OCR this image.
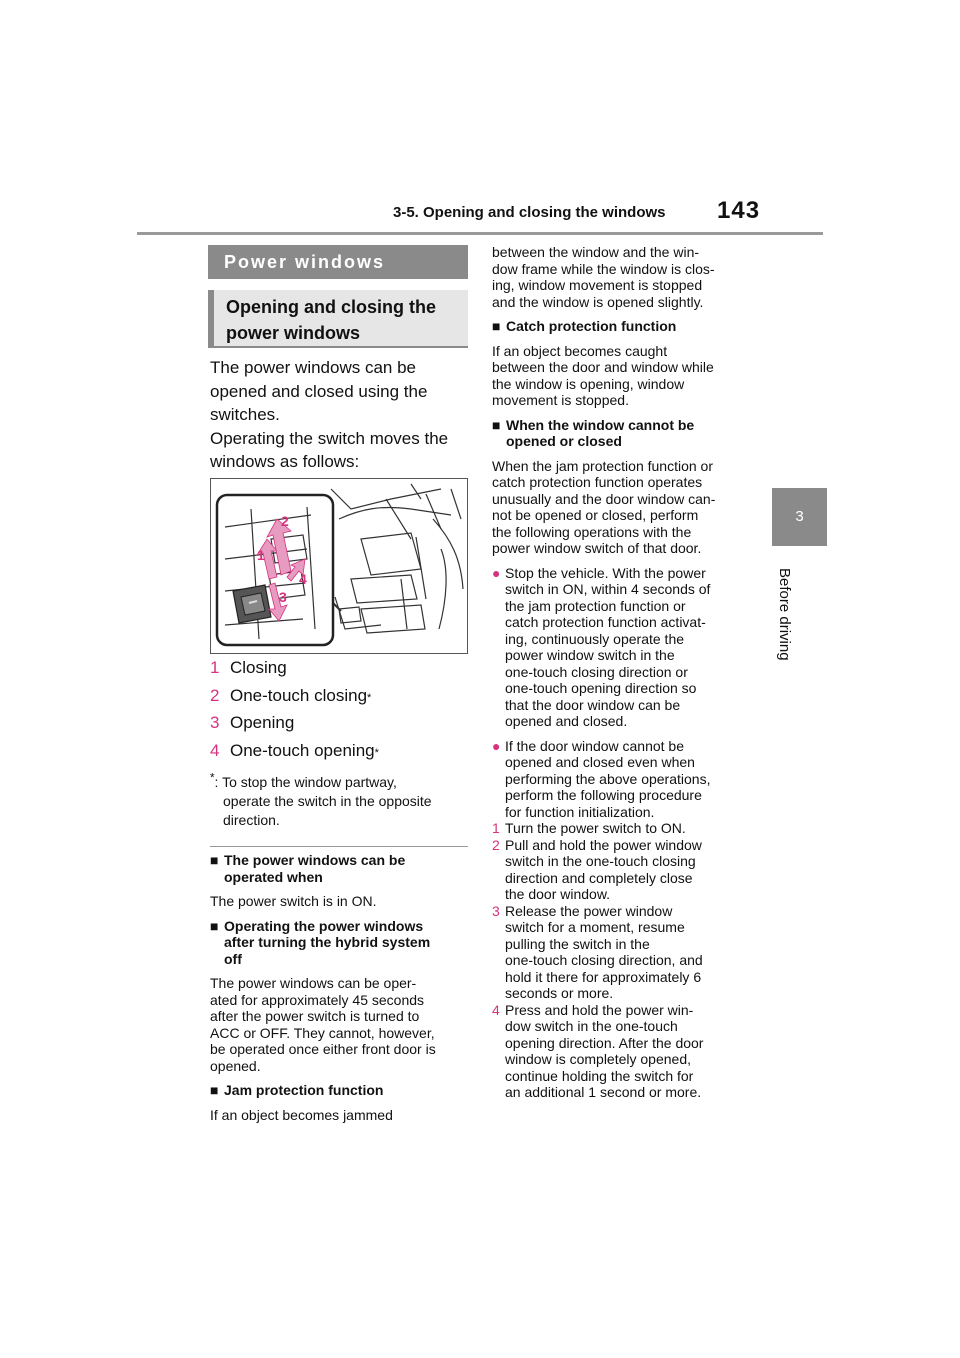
3-5. Opening and closing the windows 143
3
Before driving
Power windows
Opening and closing the
power windows
The power windows can be
opened and closed using the
switches.
Operating the switch moves the
windows as follows:
1
2
3
4
1 Closing
2 One-touch closing *
3 Opening
4 One-touch opening *
*: To stop the window partway,
operate the switch in the opposite
direction.
■ The power windows can be
operated when

The power switch is in ON.

■ Operating the power windows
after turning the hybrid system
off

The power windows can be oper-
ated for approximately 45 seconds
after the power switch is turned to
ACC or OFF. They cannot, however,
be operated once either front door is
opened.

■ Jam protection function

If an object becomes jammed

between the window and the win-
dow frame while the window is clos-
ing, window movement is stopped
and the window is opened slightly.

■ Catch protection function

If an object becomes caught
between the door and window while
the window is opening, window
movement is stopped.

■ When the window cannot be
opened or closed

When the jam protection function or
catch protection function operates
unusually and the door window can-
not be opened or closed, perform
the following operations with the
power window switch of that door.

● Stop the vehicle. With the power
switch in ON, within 4 seconds of
the jam protection function or
catch protection function activat-
ing, continuously operate the
power window switch in the
one-touch closing direction or
one-touch opening direction so
that the door window can be
opened and closed.
● If the door window cannot be
opened and closed even when
performing the above operations,
perform the following procedure
for function initialization.
1 Turn the power switch to ON.
2 Pull and hold the power window
switch in the one-touch closing
direction and completely close
the door window.
3 Release the power window
switch for a moment, resume
pulling the switch in the
one-touch closing direction, and
hold it there for approximately 6
seconds or more.
4 Press and hold the power win-
dow switch in the one-touch
opening direction. After the door
window is completely opened,
continue holding the switch for
an additional 1 second or more.
